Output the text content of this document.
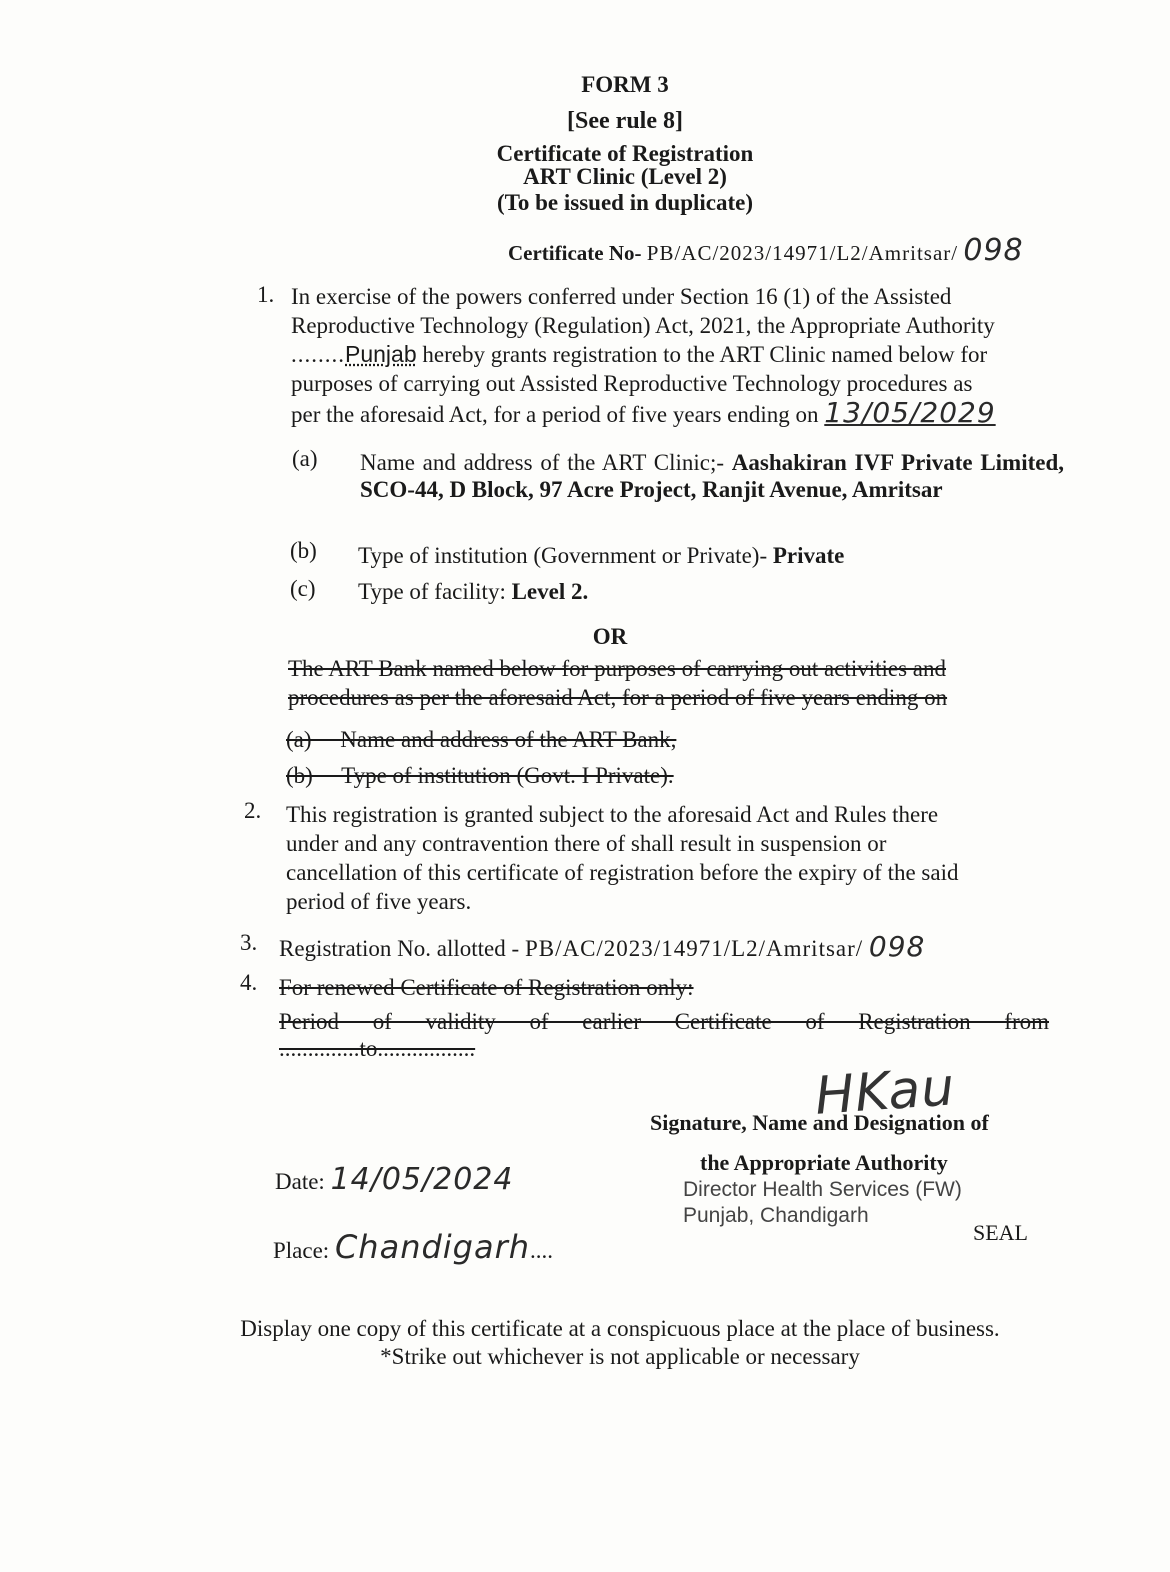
FORM 3
[See rule 8]
Certificate of Registration
ART Clinic (Level 2)
(To be issued in duplicate)
Certificate No- PB/AC/2023/14971/L2/Amritsar/ 098
1. In exercise of the powers conferred under Section 16 (1) of the Assisted
Reproductive Technology (Regulation) Act, 2021, the Appropriate Authority
........Punjab hereby grants registration to the ART Clinic named below for
purposes of carrying out Assisted Reproductive Technology procedures as
per the aforesaid Act, for a period of five years ending on 13/05/2029
(a) Name and address of the ART Clinic;- Aashakiran IVF Private Limited, SCO-44, D Block, 97 Acre Project, Ranjit Avenue, Amritsar
(b) Type of institution (Government or Private)- Private
(c) Type of facility: Level 2.
OR
The ART Bank named below for purposes of carrying out activities and
procedures as per the aforesaid Act, for a period of five years ending on
(a)     Name and address of the ART Bank,
(b)     Type of institution (Govt. I Private).
2. This registration is granted subject to the aforesaid Act and Rules there
under and any contravention there of shall result in suspension or
cancellation of this certificate of registration before the expiry of the said
period of five years.
3. Registration No. allotted - PB/AC/2023/14971/L2/Amritsar/ 098
4. For renewed Certificate of Registration only:
Period of validity of earlier Certificate of Registration from
..............to.................
HKau
Signature, Name and Designation of
the Appropriate Authority
Director Health Services (FW)
Punjab, Chandigarh
SEAL
Date: 14/05/2024
Place: Chandigarh....
Display one copy of this certificate at a conspicuous place at the place of business.
*Strike out whichever is not applicable or necessary
